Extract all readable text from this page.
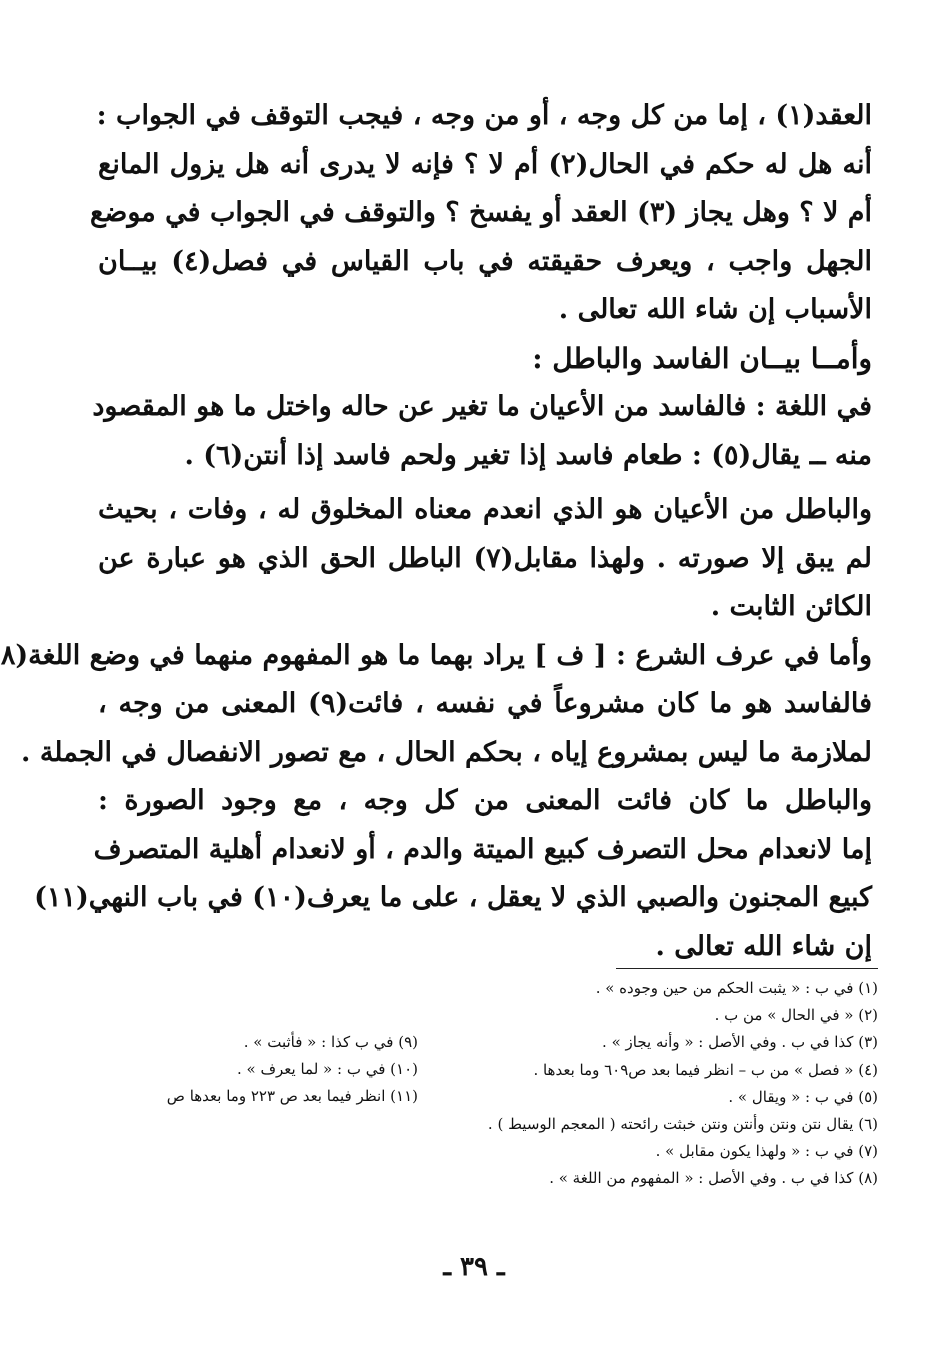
العقد(١) ، إما من كل وجه ، أو من وجه ، فيجب التوقف في الجواب :
أنه هل له حكم في الحال(٢) أم لا ؟ فإنه لا يدرى أنه هل يزول المانع
أم لا ؟ وهل يجاز (٣) العقد أو يفسخ ؟ والتوقف في الجواب في موضع
الجهل واجب ، ويعرف حقيقته في باب القياس في فصل(٤) بيــان
الأسباب إن شاء الله تعالى .
وأمــا بيــان الفاسد والباطل :
في اللغة : فالفاسد من الأعيان ما تغير عن حاله واختل ما هو المقصود
منه ــ يقال(٥) : طعام فاسد إذا تغير ولحم فاسد إذا أنتن(٦) .
والباطل من الأعيان هو الذي انعدم معناه المخلوق له ، وفات ، بحيث
لم يبق إلا صورته . ولهذا مقابل(٧) الباطل الحق الذي هو عبارة عن
الكائن الثابت .
وأما في عرف الشرع : [ ف ] يراد بهما ما هو المفهوم منهما في وضع اللغة(٨
فالفاسد هو ما كان مشروعاً في نفسه ، فائت(٩) المعنى من وجه ،
لملازمة ما ليس بمشروع إياه ، بحكم الحال ، مع تصور الانفصال في الجملة .
والباطل ما كان فائت المعنى من كل وجه ، مع وجود الصورة :
إما لانعدام محل التصرف كبيع الميتة والدم ، أو لانعدام أهلية المتصرف
كبيع المجنون والصبي الذي لا يعقل ، على ما يعرف(١٠) في باب النهي(١١)
إن شاء الله تعالى .
(١) في ب : « يثبت الحكم من حين وجوده » .
(٢) « في الحال » من ب .
(٣) كذا في ب . وفي الأصل : « وأنه يجاز » .
(٤) « فصل » من ب – انظر فيما بعد ص٦٠٩ وما بعدها .
(٥) في ب : « ويقال » .
(٦) يقال نتن ونتن وأنتن ونتن خبثت رائحته ( المعجم الوسيط ) .
(٧) في ب : « ولهذا يكون مقابل » .
(٨) كذا في ب . وفي الأصل : « المفهوم من اللغة » .
(٩) في ب كذا : « فأثبت » .
(١٠) في ب : « لما يعرف » .
(١١) انظر فيما بعد ص ٢٢٣ وما بعدها ص
ـ ٣٩ ـ
